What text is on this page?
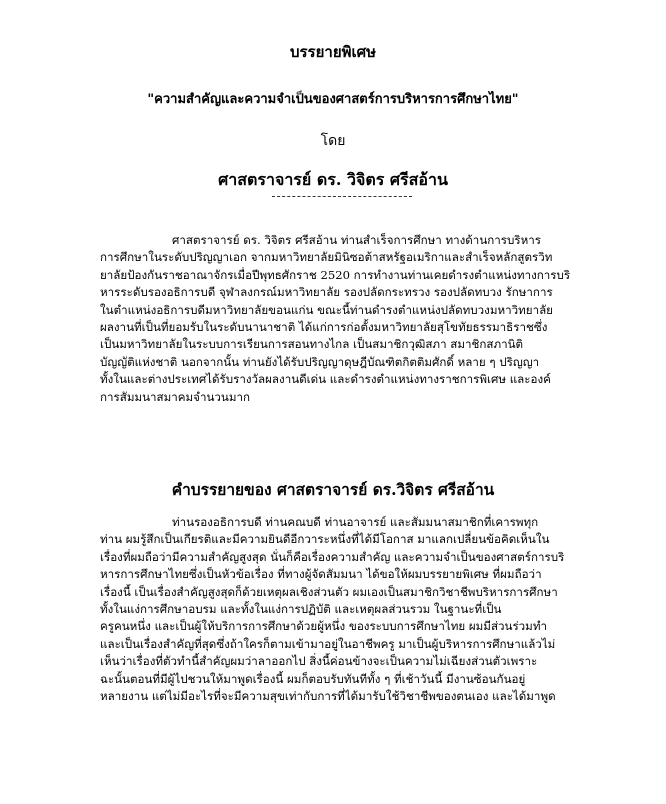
บรรยายพิเศษ
"ความสำคัญและความจำเป็นของศาสตร์การบริหารการศึกษาไทย"
โดย
ศาสตราจารย์ ดร. วิจิตร ศรีสอ้าน
ศาสตราจารย์ ดร. วิจิตร ศรีสอ้าน ท่านสำเร็จการศึกษา ทางด้านการบริหาร
การศึกษาในระดับปริญญาเอก จากมหาวิทยาลัยมินิซอต้าสหรัฐอเมริกาและสำเร็จหลักสูตรวิท
ยาลัยป้องกันราชอาณาจักรเมื่อปีพุทธศักราช 2520 การทำงานท่านเคยดำรงตำแหน่งทางการบริ
หารระดับรองอธิการบดี จุฬาลงกรณ์มหาวิทยาลัย รองปลัดกระทรวง รองปลัดทบวง รักษาการ
ในตำแหน่งอธิการบดีมหาวิทยาลัยขอนแก่น ขณะนี้ท่านดำรงตำแหน่งปลัดทบวงมหาวิทยาลัย
ผลงานที่เป็นที่ยอมรับในระดับนานาชาติ ได้แก่การก่อตั้งมหาวิทยาลัยสุโขทัยธรรมาธิราชซึ่ง
เป็นมหาวิทยาลัยในระบบการเรียนการสอนทางไกล เป็นสมาชิกวุฒิสภา สมาชิกสภานิติ
บัญญัติแห่งชาติ นอกจากนั้น ท่านยังได้รับปริญญาดุษฎีบัณฑิตกิตติมศักดิ์ หลาย ๆ ปริญญา
ทั้งในและต่างประเทศได้รับรางวัลผลงานดีเด่น และดำรงตำแหน่งทางราชการพิเศษ และองค์
การสัมมนาสมาคมจำนวนมาก
คำบรรยายของ ศาสตราจารย์ ดร.วิจิตร ศรีสอ้าน
ท่านรองอธิการบดี ท่านคณบดี ท่านอาจารย์ และสัมมนาสมาชิกที่เคารพทุก
ท่าน ผมรู้สึกเป็นเกียรติและมีความยินดีอีกวาระหนึ่งที่ได้มีโอกาส มาแลกเปลี่ยนข้อคิดเห็นใน
เรื่องที่ผมถือว่ามีความสำคัญสูงสุด นั่นก็คือเรื่องความสำคัญ และความจำเป็นของศาสตร์การบริ
หารการศึกษาไทยซึ่งเป็นหัวข้อเรื่อง ที่ทางผู้จัดสัมมนา ได้ขอให้ผมบรรยายพิเศษ ที่ผมถือว่า
เรื่องนี้ เป็นเรื่องสำคัญสูงสุดก็ด้วยเหตุผลเชิงส่วนตัว ผมเองเป็นสมาชิกวิชาชีพบริหารการศึกษา
ทั้งในแง่การศึกษาอบรม และทั้งในแง่การปฏิบัติ และเหตุผลส่วนรวม ในฐานะที่เป็น
ครูคนหนึ่ง และเป็นผู้ให้บริการการศึกษาด้วยผู้หนึ่ง ของระบบการศึกษาไทย ผมมีส่วนร่วมทำ
และเป็นเรื่องสำคัญที่สุดซึ่งถ้าใครก็ตามเข้ามาอยู่ในอาชีพครู มาเป็นผู้บริหารการศึกษาแล้วไม่
เห็นว่าเรื่องที่ตัวทำนี้สำคัญผมว่าลาออกไป สิ่งนี้ค่อนข้างจะเป็นความไม่เฉียงส่วนตัวเพราะ
ฉะนั้นตอนที่มีผู้ไปชวนให้มาพูดเรื่องนี้ ผมก็ตอบรับทันทีทั้ง ๆ ที่เช้าวันนี้ มีงานซ้อนกันอยู่
หลายงาน แต่ไม่มีอะไรที่จะมีความสุขเท่ากับการที่ได้มารับใช้วิชาชีพของตนเอง และได้มาพูด
